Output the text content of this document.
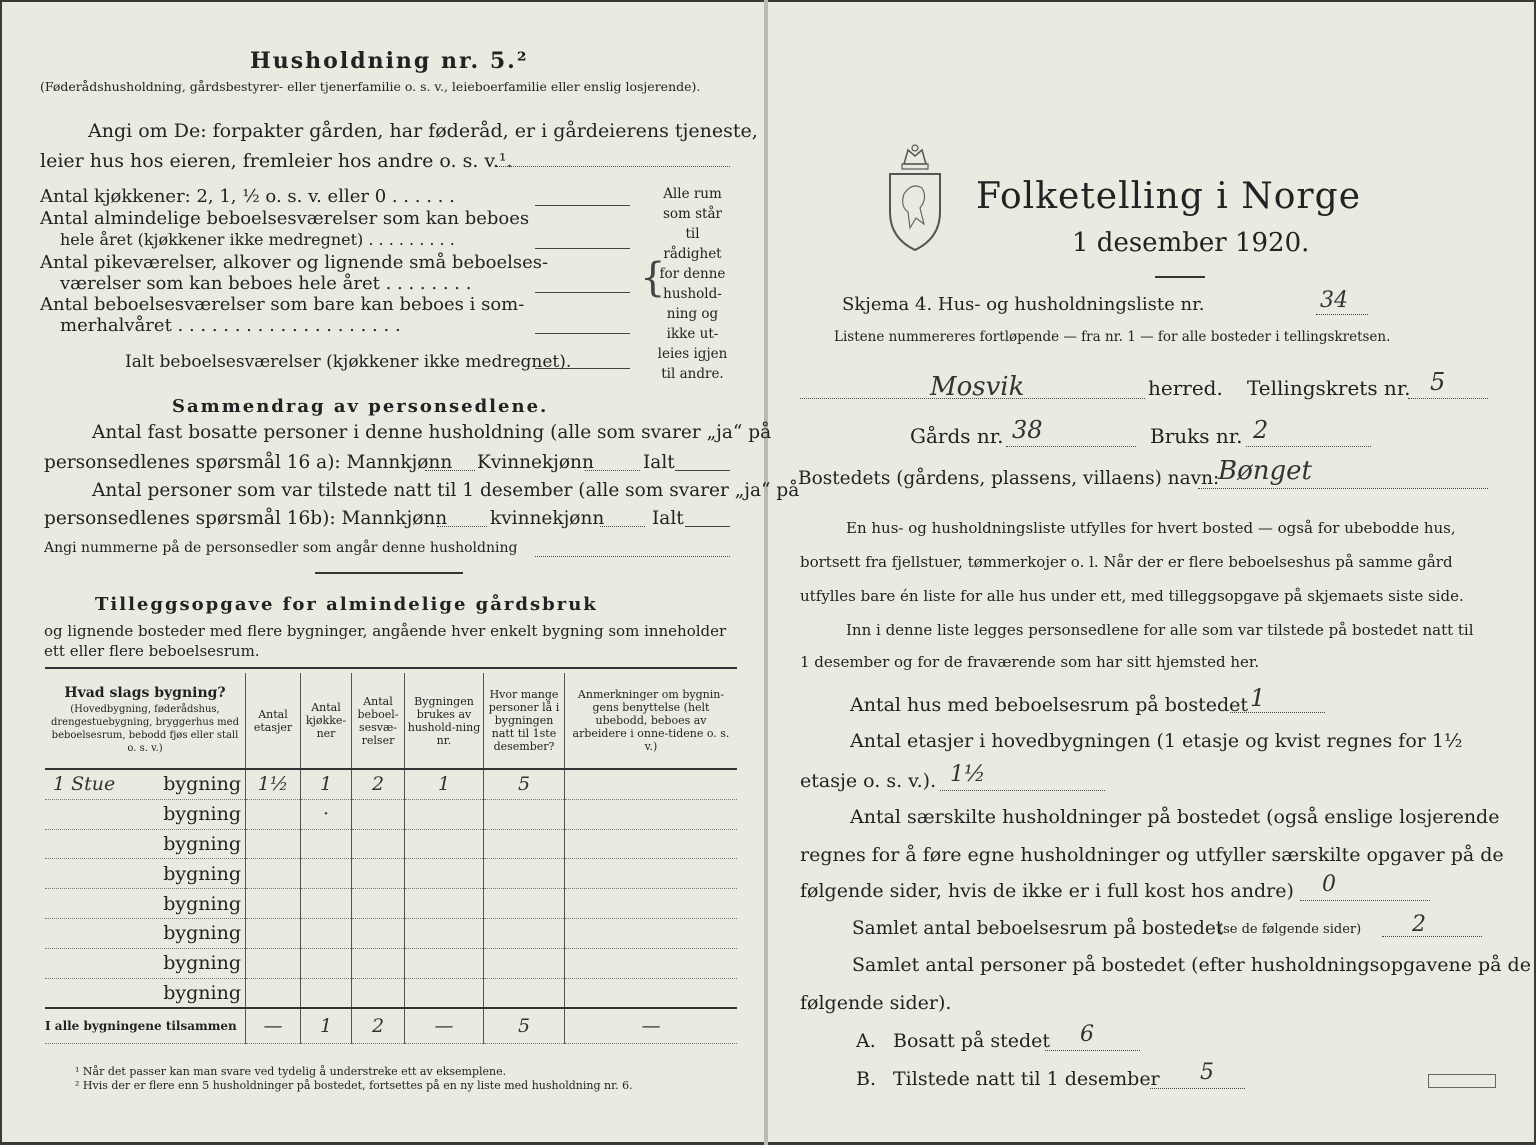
Husholdning nr. 5.²
(Føderådshusholdning, gårdsbestyrer- eller tjenerfamilie o. s. v., leieboerfamilie eller enslig losjerende).
Angi om De: forpakter gården, har føderåd, er i gårdeierens tjeneste,
leier hus hos eieren, fremleier hos andre o. s. v.¹.
Antal kjøkkener: 2, 1, ½ o. s. v. eller 0 . . . . . .
Antal almindelige beboelsesværelser som kan beboes
hele året (kjøkkener ikke medregnet) . . . . . . . . .
Antal pikeværelser, alkover og lignende små beboelses-
værelser som kan beboes hele året . . . . . . . .
Antal beboelsesværelser som bare kan beboes i som-
merhalvåret . . . . . . . . . . . . . . . . . . . .
Ialt beboelsesværelser (kjøkkener ikke medregnet).
{
Alle rum
som står til
rådighet
for denne
hushold-
ning og
ikke ut-
leies igjen
til andre.
Sammendrag av personsedlene.
Antal fast bosatte personer i denne husholdning (alle som svarer „ja“ på
personsedlenes spørsmål 16 a): Mannkjønn Kvinnekjønn	Ialt
Antal personer som var tilstede natt til 1 desember (alle som svarer „ja“ på
personsedlenes spørsmål 16b): Mannkjønn kvinnekjønn	Ialt
Angi nummerne på de personsedler som angår denne husholdning
Tilleggsopgave for almindelige gårdsbruk
og lignende bosteder med flere bygninger, angående hver enkelt bygning som inneholder
ett eller flere beboelsesrum.
Hvad slags bygning?
(Hovedbygning, føderådshus, drengestuebygning, bryggerhus med beboelsesrum, bebodd fjøs eller stall o. s. v.)	Antal etasjer	Antal kjøkke-ner	Antal beboel-sesvæ-relser	Bygningen brukes av hushold-ning nr.	Hvor mange personer lå i bygningen natt til 1ste desember?	Anmerkninger om bygnin-gens benyttelse (helt ubebodd, beboes av arbeidere i onne-tidene o. s. v.)

1 Stue bygning	1½	1	2	1	5	

bygning		·				

bygning						

bygning						

bygning						

bygning						

bygning						

bygning						
I alle bygningene tilsammen	—	1	2	—	5	—
¹ Når det passer kan man svare ved tydelig å understreke ett av eksemplene.
² Hvis der er flere enn 5 husholdninger på bostedet, fortsettes på en ny liste med husholdning nr. 6.
Folketelling i Norge
1 desember 1920.
Skjema 4. Hus- og husholdningsliste nr.	34
Listene nummereres fortløpende — fra nr. 1 — for alle bosteder i tellingskretsen.
Mosvik	herred. Tellingskrets nr. 5
Gårds nr. 38	Bruks nr. 2
Bostedets (gårdens, plassens, villaens) navn:
Bønget
En hus- og husholdningsliste utfylles for hvert bosted — også for ubebodde hus,
bortsett fra fjellstuer, tømmerkojer o. l. Når der er flere beboelseshus på samme gård
utfylles bare én liste for alle hus under ett, med tilleggsopgave på skjemaets siste side.
Inn i denne liste legges personsedlene for alle som var tilstede på bostedet natt til
1 desember og for de fraværende som har sitt hjemsted her.
Antal hus med beboelsesrum på bostedet 1
Antal etasjer i hovedbygningen (1 etasje og kvist regnes for 1½
etasje o. s. v.). 1½
Antal særskilte husholdninger på bostedet (også enslige losjerende
regnes for å føre egne husholdninger og utfyller særskilte opgaver på de
følgende sider, hvis de ikke er i full kost hos andre) 0
Samlet antal beboelsesrum på bostedet
(se de følgende sider) 2
Samlet antal personer på bostedet (efter husholdningsopgavene på de
følgende sider).
A. Bosatt på stedet 6
B. Tilstede natt til 1 desember 5
